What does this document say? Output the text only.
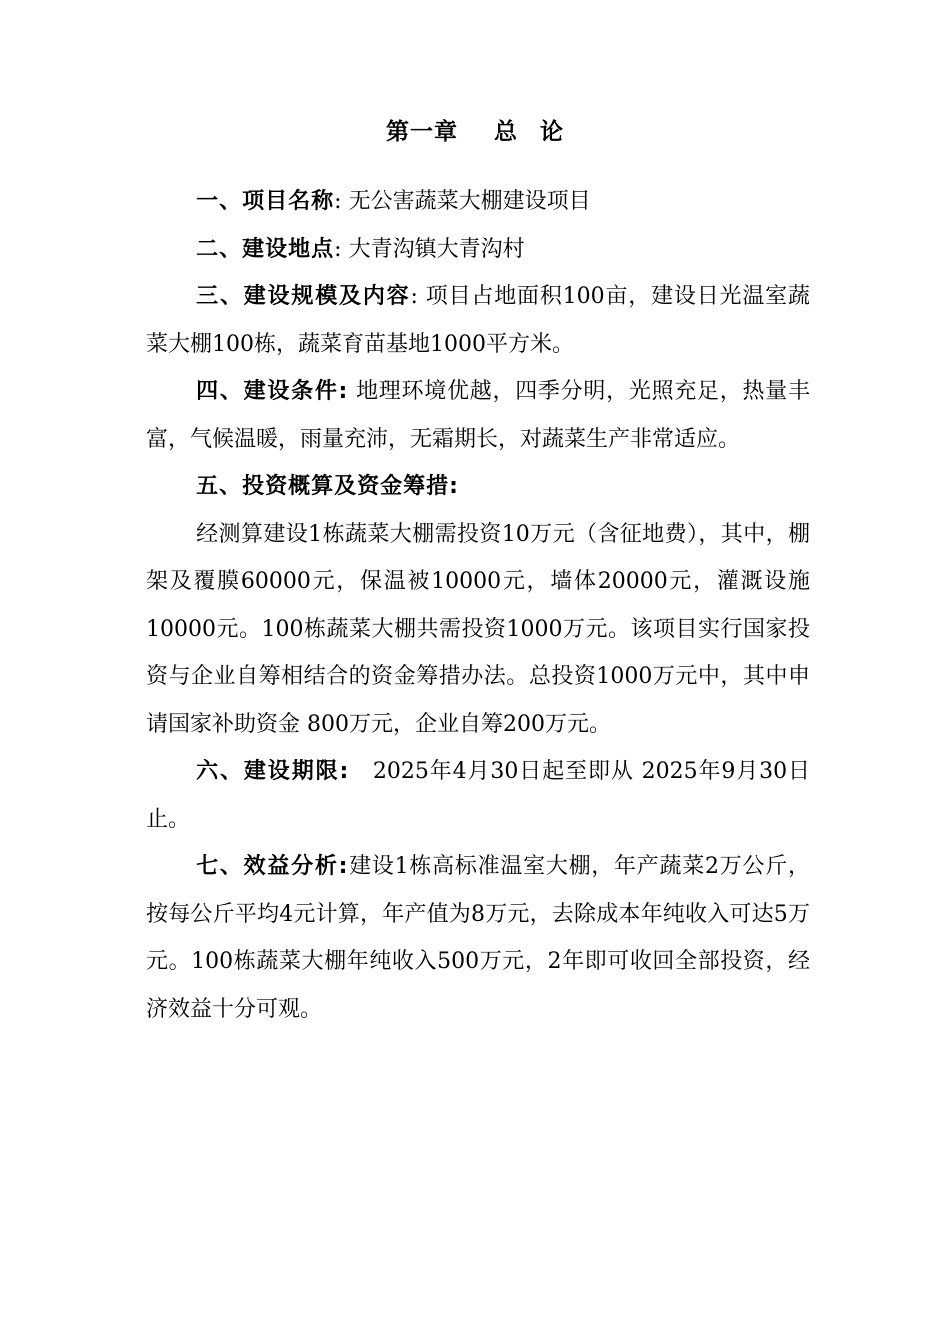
第一章 总 论

一、项目名称: 无公害蔬菜大棚建设项目

二、建设地点: 大青沟镇大青沟村

三、建设规模及内容: 项目占地面积100亩，建设日光温室蔬菜大棚100栋，蔬菜育苗基地1000平方米。

四、建设条件: 地理环境优越，四季分明，光照充足，热量丰富，气候温暖，雨量充沛，无霜期长，对蔬菜生产非常适应。

五、投资概算及资金筹措:

经测算建设1栋蔬菜大棚需投资10万元（含征地费），其中，棚架及覆膜60000元，保温被10000元，墙体20000元，灌溉设施10000元。100栋蔬菜大棚共需投资1000万元。该项目实行国家投资与企业自筹相结合的资金筹措办法。总投资1000万元中，其中申请国家补助资金 800万元，企业自筹200万元。

六、建设期限: 2025年4月30日起至即从 2025年9月30日止。

七、效益分析:建设1栋高标准温室大棚，年产蔬菜2万公斤，按每公斤平均4元计算，年产值为8万元，去除成本年纯收入可达5万元。100栋蔬菜大棚年纯收入500万元，2年即可收回全部投资，经济效益十分可观。
